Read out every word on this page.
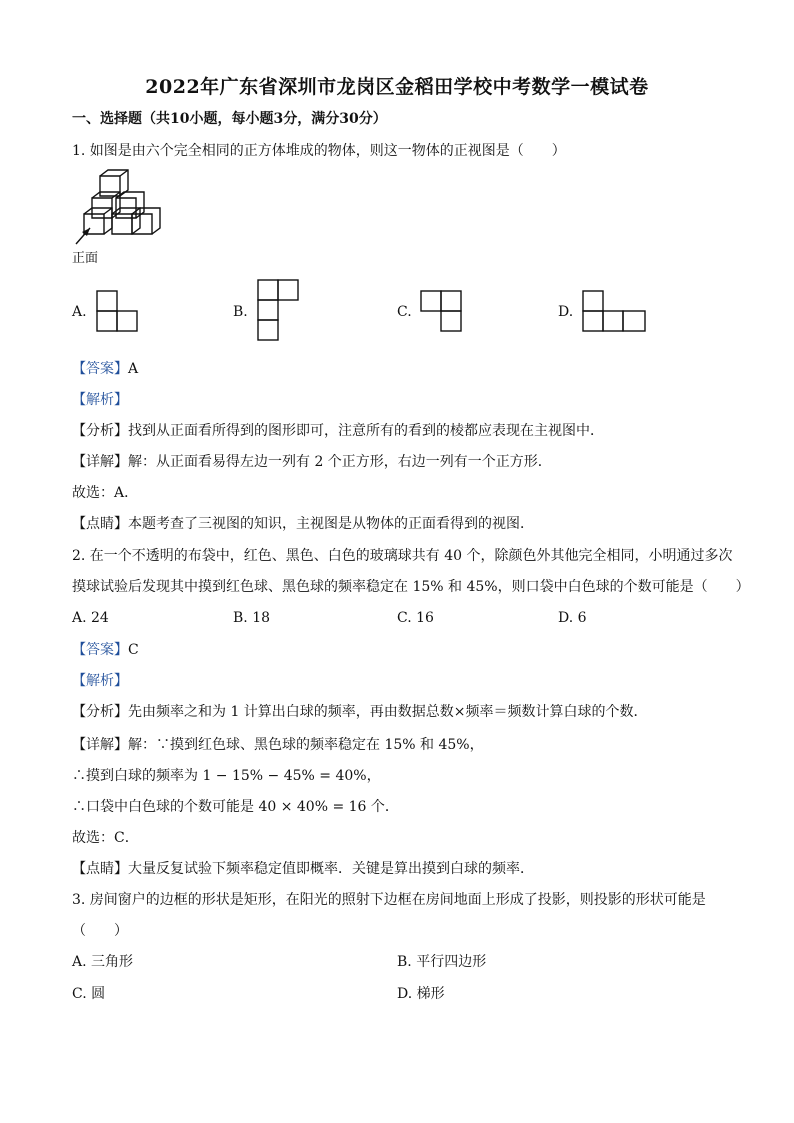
2022年广东省深圳市龙岗区金稻田学校中考数学一模试卷
一、选择题（共10小题，每小题3分，满分30分）
1. 如图是由六个完全相同的正方体堆成的物体，则这一物体的正视图是（　　）
正面
A.	B.	C.	D.
【答案】A
【解析】
【分析】找到从正面看所得到的图形即可，注意所有的看到的棱都应表现在主视图中．
【详解】解：从正面看易得左边一列有 2 个正方形，右边一列有一个正方形．
故选：A．
【点睛】本题考查了三视图的知识，主视图是从物体的正面看得到的视图．
2. 在一个不透明的布袋中，红色、黑色、白色的玻璃球共有 40 个，除颜色外其他完全相同，小明通过多次
摸球试验后发现其中摸到红色球、黑色球的频率稳定在 15% 和 45%，则口袋中白色球的个数可能是（　　）
A. 24	B. 18	C. 16	D. 6
【答案】C
【解析】
【分析】先由频率之和为 1 计算出白球的频率，再由数据总数×频率＝频数计算白球的个数．
【详解】解：∵摸到红色球、黑色球的频率稳定在 15% 和 45%，
∴摸到白球的频率为 1 − 15% − 45% = 40%，
∴口袋中白色球的个数可能是 40 × 40% = 16 个．
故选：C．
【点睛】大量反复试验下频率稳定值即概率．关键是算出摸到白球的频率．
3. 房间窗户的边框的形状是矩形，在阳光的照射下边框在房间地面上形成了投影，则投影的形状可能是
（　　）
A. 三角形	B. 平行四边形
C. 圆	D. 梯形
